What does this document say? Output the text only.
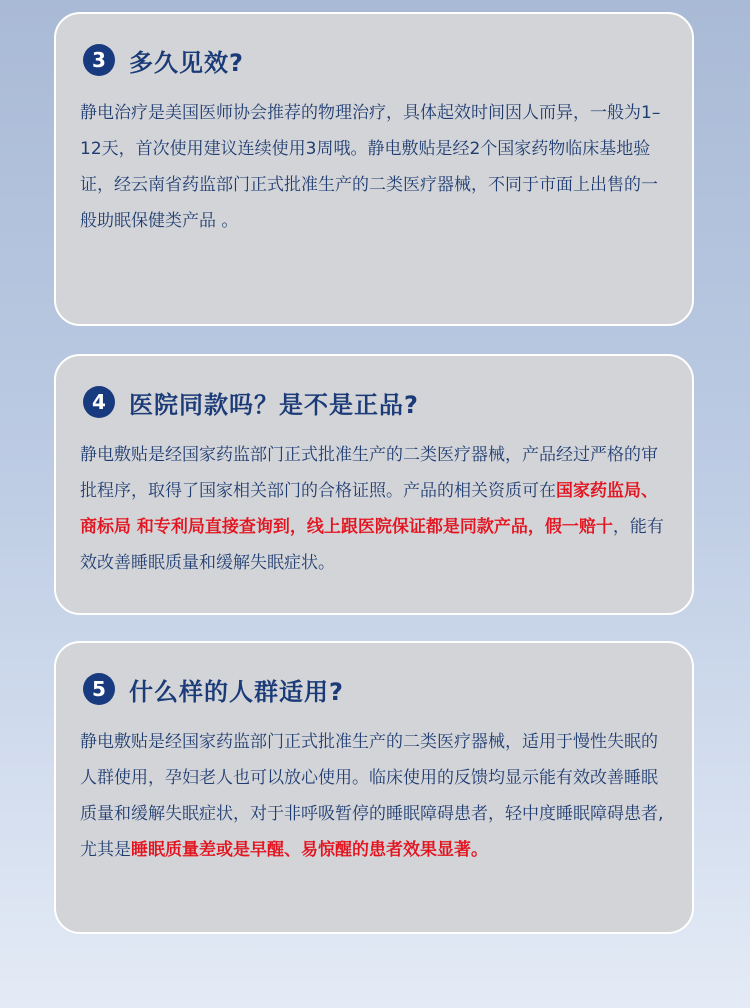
3 多久见效?

静电治疗是美国医师协会推荐的物理治疗，具体起效时间因人而异，一般为1–12天，首次使用建议连续使用3周哦。静电敷贴是经2个国家药物临床基地验证，经云南省药监部门正式批准生产的二类医疗器械，不同于市面上出售的一般助眠保健类产品 。

4 医院同款吗？是不是正品?

静电敷贴是经国家药监部门正式批准生产的二类医疗器械，产品经过严格的审批程序，取得了国家相关部门的合格证照。产品的相关资质可在国家药监局、商标局 和专利局直接查询到，线上跟医院保证都是同款产品，假一赔十，能有效改善睡眠质量和缓解失眠症状。

5 什么样的人群适用?

静电敷贴是经国家药监部门正式批准生产的二类医疗器械，适用于慢性失眠的人群使用，孕妇老人也可以放心使用。临床使用的反馈均显示能有效改善睡眠质量和缓解失眠症状，对于非呼吸暂停的睡眠障碍患者，轻中度睡眠障碍患者, 尤其是睡眠质量差或是早醒、易惊醒的患者效果显著。
